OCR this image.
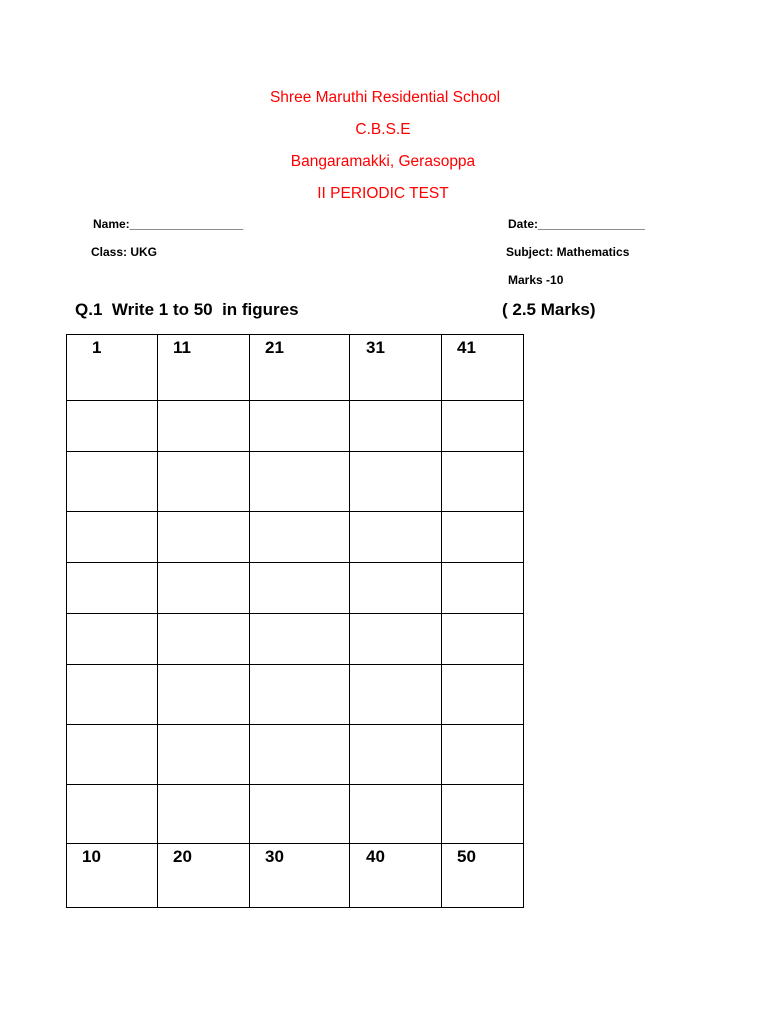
Shree Maruthi Residential School
C.B.S.E
Bangaramakki, Gerasoppa
II PERIODIC TEST
Name:_________________	Date:________________
Class: UKG	Subject: Mathematics
Marks -10
Q.1  Write 1 to 50  in figures	( 2.5 Marks)
1	11	21	31	41

10	20	30	40	50
